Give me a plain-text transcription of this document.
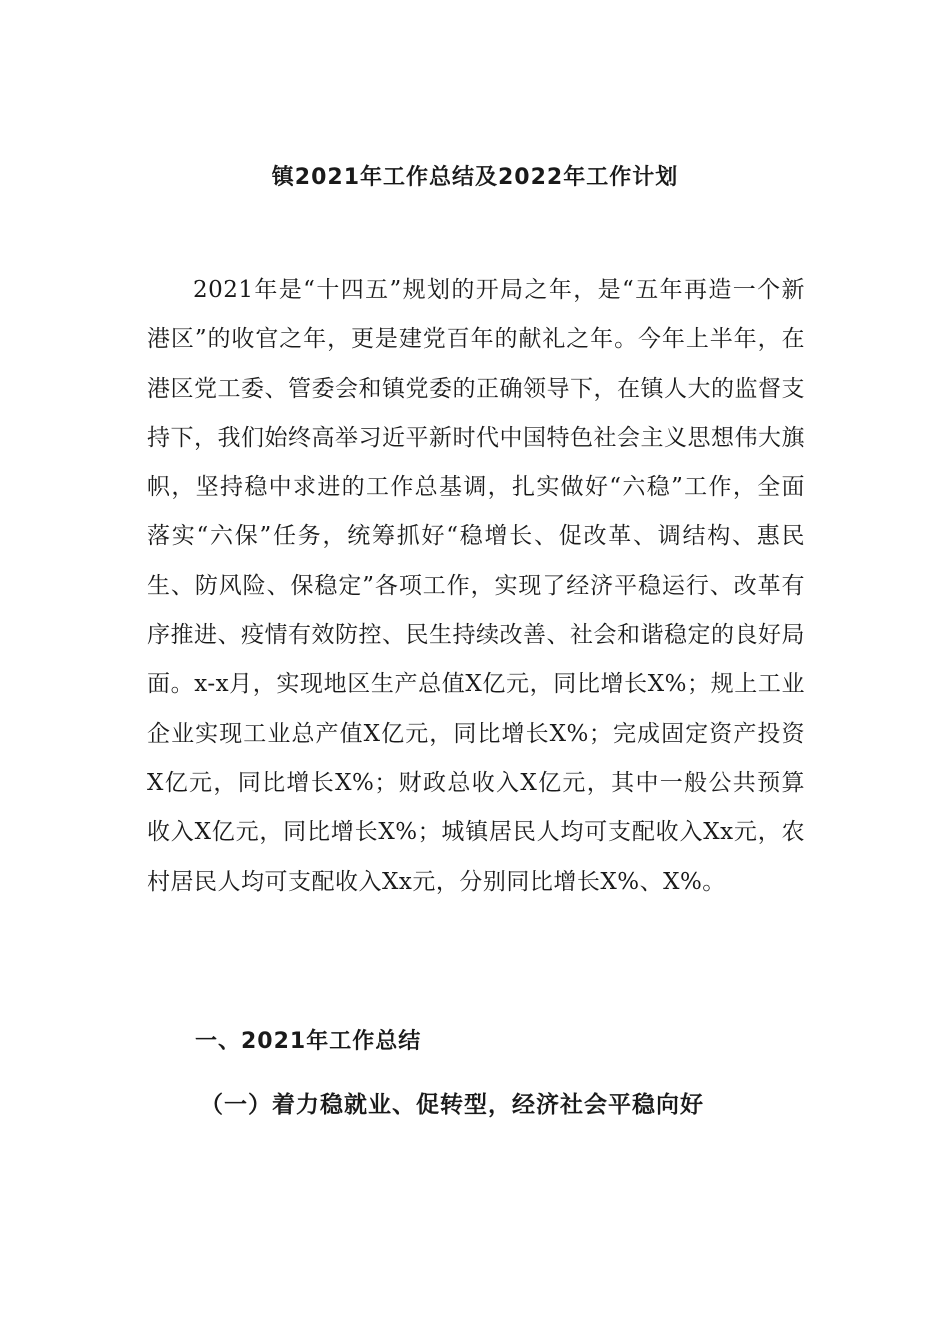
镇2021年工作总结及2022年工作计划

2021年是“十四五”规划的开局之年，是“五年再造一个新港区”的收官之年，更是建党百年的献礼之年。今年上半年，在港区党工委、管委会和镇党委的正确领导下，在镇人大的监督支持下，我们始终高举习近平新时代中国特色社会主义思想伟大旗帜，坚持稳中求进的工作总基调，扎实做好“六稳”工作，全面落实“六保”任务，统筹抓好“稳增长、促改革、调结构、惠民生、防风险、保稳定”各项工作，实现了经济平稳运行、改革有序推进、疫情有效防控、民生持续改善、社会和谐稳定的良好局面。x-x月，实现地区生产总值X亿元，同比增长X%；规上工业企业实现工业总产值X亿元，同比增长X%；完成固定资产投资X亿元，同比增长X%；财政总收入X亿元，其中一般公共预算收入X亿元，同比增长X%；城镇居民人均可支配收入Xx元，农村居民人均可支配收入Xx元，分别同比增长X%、X%。

一、2021年工作总结
（一）着力稳就业、促转型，经济社会平稳向好
